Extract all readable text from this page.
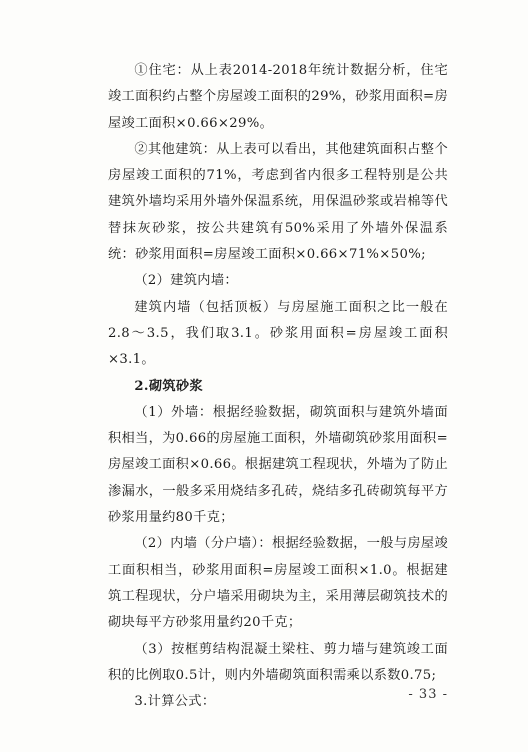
①住宅：从上表2014-2018年统计数据分析，住宅竣工面积约占整个房屋竣工面积的29%，砂浆用面积=房屋竣工面积×0.66×29%。

②其他建筑：从上表可以看出，其他建筑面积占整个房屋竣工面积的71%，考虑到省内很多工程特别是公共建筑外墙均采用外墙外保温系统，用保温砂浆或岩棉等代替抹灰砂浆，按公共建筑有50%采用了外墙外保温系统：砂浆用面积=房屋竣工面积×0.66×71%×50%;

（2）建筑内墙：

建筑内墙（包括顶板）与房屋施工面积之比一般在2.8～3.5，我们取3.1。砂浆用面积=房屋竣工面积×3.1。

2.砌筑砂浆

（1）外墙：根据经验数据，砌筑面积与建筑外墙面积相当，为0.66的房屋施工面积，外墙砌筑砂浆用面积=房屋竣工面积×0.66。根据建筑工程现状，外墙为了防止渗漏水，一般多采用烧结多孔砖，烧结多孔砖砌筑每平方砂浆用量约80千克；

（2）内墙（分户墙）：根据经验数据，一般与房屋竣工面积相当，砂浆用面积=房屋竣工面积×1.0。根据建筑工程现状，分户墙采用砌块为主，采用薄层砌筑技术的砌块每平方砂浆用量约20千克；

（3）按框剪结构混凝土梁柱、剪力墙与建筑竣工面积的比例取0.5计，则内外墙砌筑面积需乘以系数0.75;

3.计算公式：	- 33 -
